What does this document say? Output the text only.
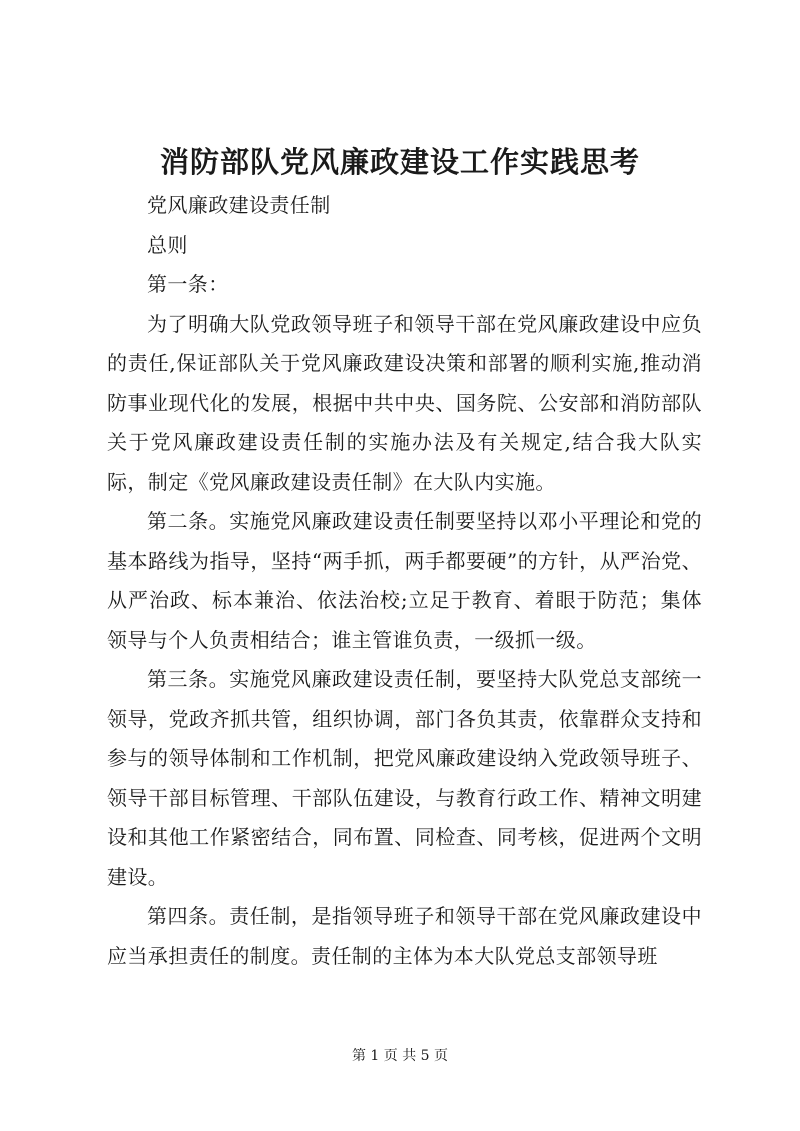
消防部队党风廉政建设工作实践思考

党风廉政建设责任制

总则

第一条：

为了明确大队党政领导班子和领导干部在党风廉政建设中应负的责任,保证部队关于党风廉政建设决策和部署的顺利实施,推动消防事业现代化的发展，根据中共中央、国务院、公安部和消防部队关于党风廉政建设责任制的实施办法及有关规定,结合我大队实际，制定《党风廉政建设责任制》在大队内实施。

第二条。实施党风廉政建设责任制要坚持以邓小平理论和党的基本路线为指导，坚持“两手抓，两手都要硬”的方针，从严治党、从严治政、标本兼治、依法治校;立足于教育、着眼于防范；集体领导与个人负责相结合；谁主管谁负责，一级抓一级。

第三条。实施党风廉政建设责任制，要坚持大队党总支部统一领导，党政齐抓共管，组织协调，部门各负其责，依靠群众支持和参与的领导体制和工作机制，把党风廉政建设纳入党政领导班子、领导干部目标管理、干部队伍建设，与教育行政工作、精神文明建设和其他工作紧密结合，同布置、同检查、同考核，促进两个文明建设。

第四条。责任制，是指领导班子和领导干部在党风廉政建设中应当承担责任的制度。责任制的主体为本大队党总支部领导班

第 1 页 共 5 页
